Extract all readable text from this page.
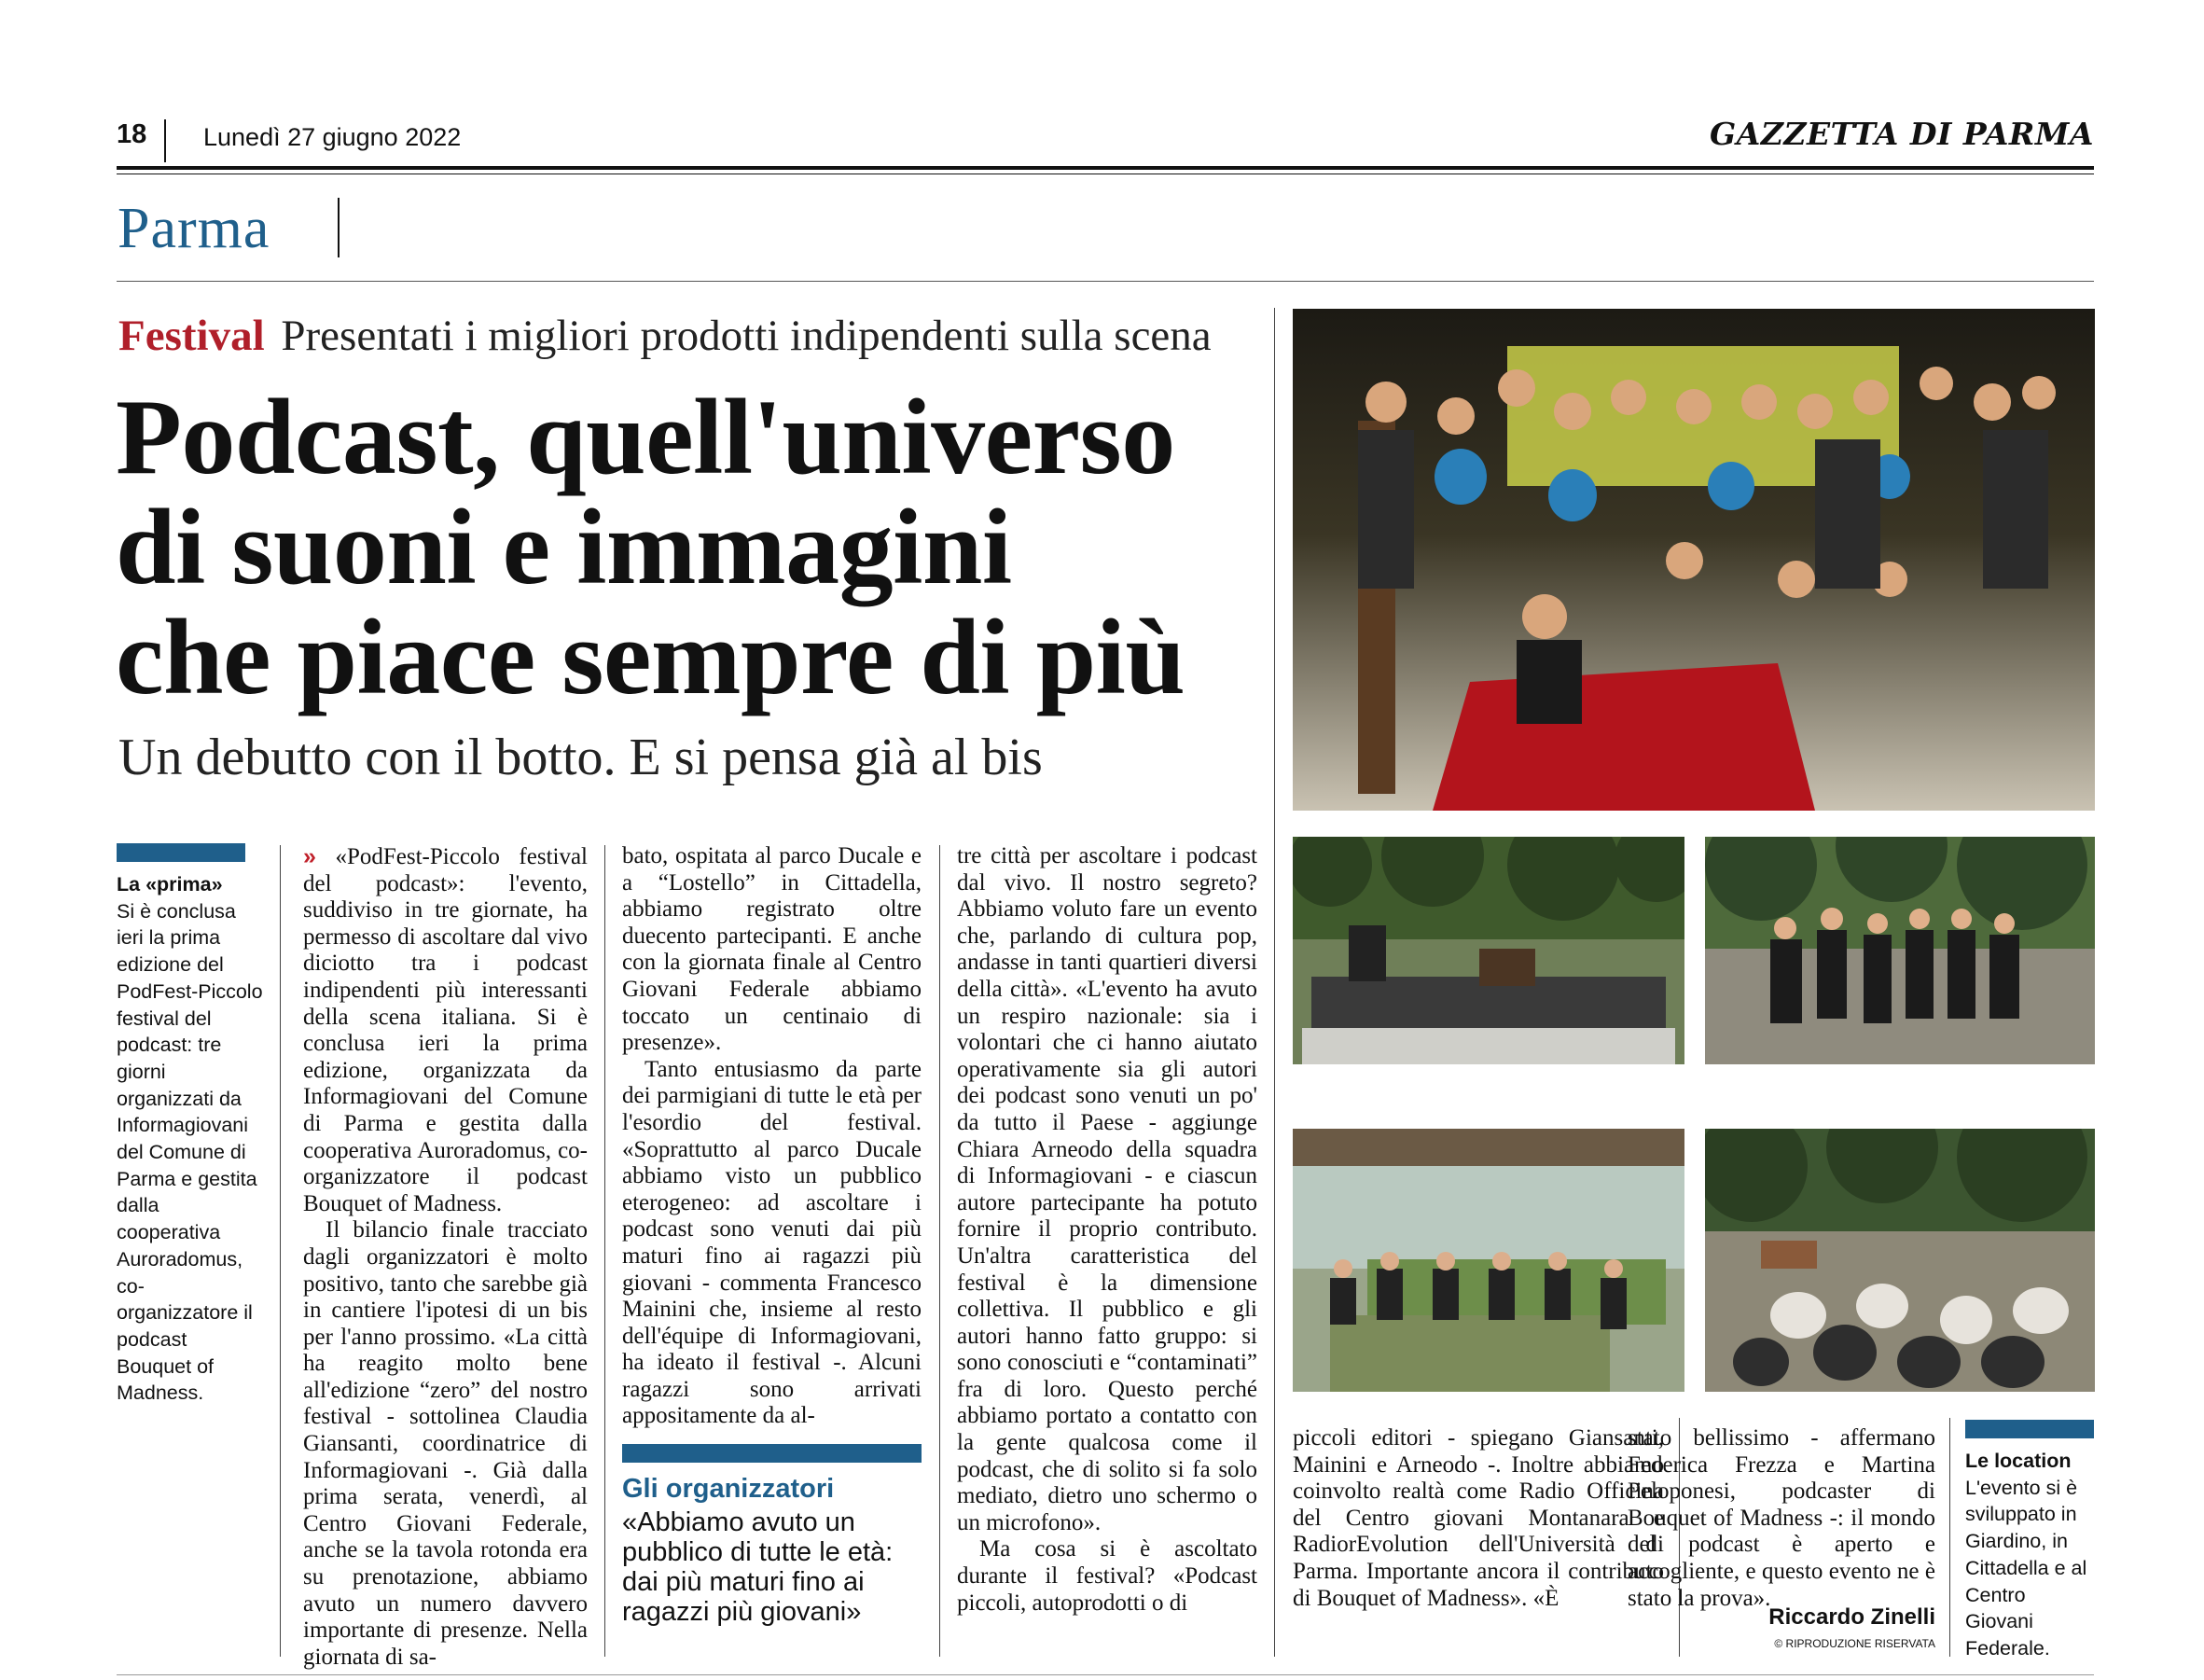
18 Lunedì 27 giugno 2022	GAZZETTA DI PARMA
Parma
Festival Presentati i migliori prodotti indipendenti sulla scena
Podcast, quell'universo
di suoni e immagini
che piace sempre di più
Un debutto con il botto. E si pensa già al bis
La «prima»
Si è conclusa ieri la prima edizione del PodFest-Piccolo festival del podcast: tre giorni organizzati da Informagiovani del Comune di Parma e gestita dalla cooperativa Auroradomus, co-organizzatore il podcast Bouquet of Madness.

» «PodFest-Piccolo festival del podcast»: l'evento, suddiviso in tre giornate, ha permesso di ascoltare dal vivo diciotto tra i podcast indipendenti più interessanti della scena italiana. Si è conclusa ieri la prima edizione, organizzata da Informagiovani del Comune di Parma e gestita dalla cooperativa Auroradomus, co-organizzatore il podcast Bouquet of Madness.

Il bilancio finale tracciato dagli organizzatori è molto positivo, tanto che sarebbe già in cantiere l'ipotesi di un bis per l'anno prossimo. «La città ha reagito molto bene all'edizione “zero” del nostro festival - sottolinea Claudia Giansanti, coordinatrice di Informagiovani -. Già dalla prima serata, venerdì, al Centro Giovani Federale, anche se la tavola rotonda era su prenotazione, abbiamo avuto un numero davvero importante di presenze. Nella giornata di sa-

bato, ospitata al parco Ducale e a “Lostello” in Cittadella, abbiamo registrato oltre duecento partecipanti. E anche con la giornata finale al Centro Giovani Federale abbiamo toccato un centinaio di presenze».

Tanto entusiasmo da parte dei parmigiani di tutte le età per l'esordio del festival. «Soprattutto al parco Ducale abbiamo visto un pubblico eterogeneo: ad ascoltare i podcast sono venuti dai più maturi fino ai ragazzi più giovani - commenta Francesco Mainini che, insieme al resto dell'équipe di Informagiovani, ha ideato il festival -. Alcuni ragazzi sono arrivati appositamente da al-

Gli organizzatori
«Abbiamo avuto un pubblico di tutte le età: dai più maturi fino ai ragazzi più giovani»

tre città per ascoltare i podcast dal vivo. Il nostro segreto? Abbiamo voluto fare un evento che, parlando di cultura pop, andasse in tanti quartieri diversi della città». «L'evento ha avuto un respiro nazionale: sia i volontari che ci hanno aiutato operativamente sia gli autori dei podcast sono venuti un po' da tutto il Paese - aggiunge Chiara Arneodo della squadra di Informagiovani - e ciascun autore partecipante ha potuto fornire il proprio contributo. Un'altra caratteristica del festival è la dimensione collettiva. Il pubblico e gli autori hanno fatto gruppo: si sono conosciuti e “contaminati” fra di loro. Questo perché abbiamo portato a contatto con la gente qualcosa come il podcast, che di solito si fa solo mediato, dietro uno schermo o un microfono».

Ma cosa si è ascoltato durante il festival? «Podcast piccoli, autoprodotti o di

piccoli editori - spiegano Giansanti, Mainini e Arneodo -. Inoltre abbiamo coinvolto realtà come Radio Officina del Centro giovani Montanara e RadiorEvolution dell'Università di Parma. Importante ancora il contributo di Bouquet of Madness». «È

stato bellissimo - affermano Federica Frezza e Martina Peloponesi, podcaster di Bouquet of Madness -: il mondo del podcast è aperto e accogliente, e questo evento ne è stato la prova».

Riccardo Zinelli
© RIPRODUZIONE RISERVATA
Le location
L'evento si è sviluppato in Giardino, in Cittadella e al Centro Giovani Federale.
